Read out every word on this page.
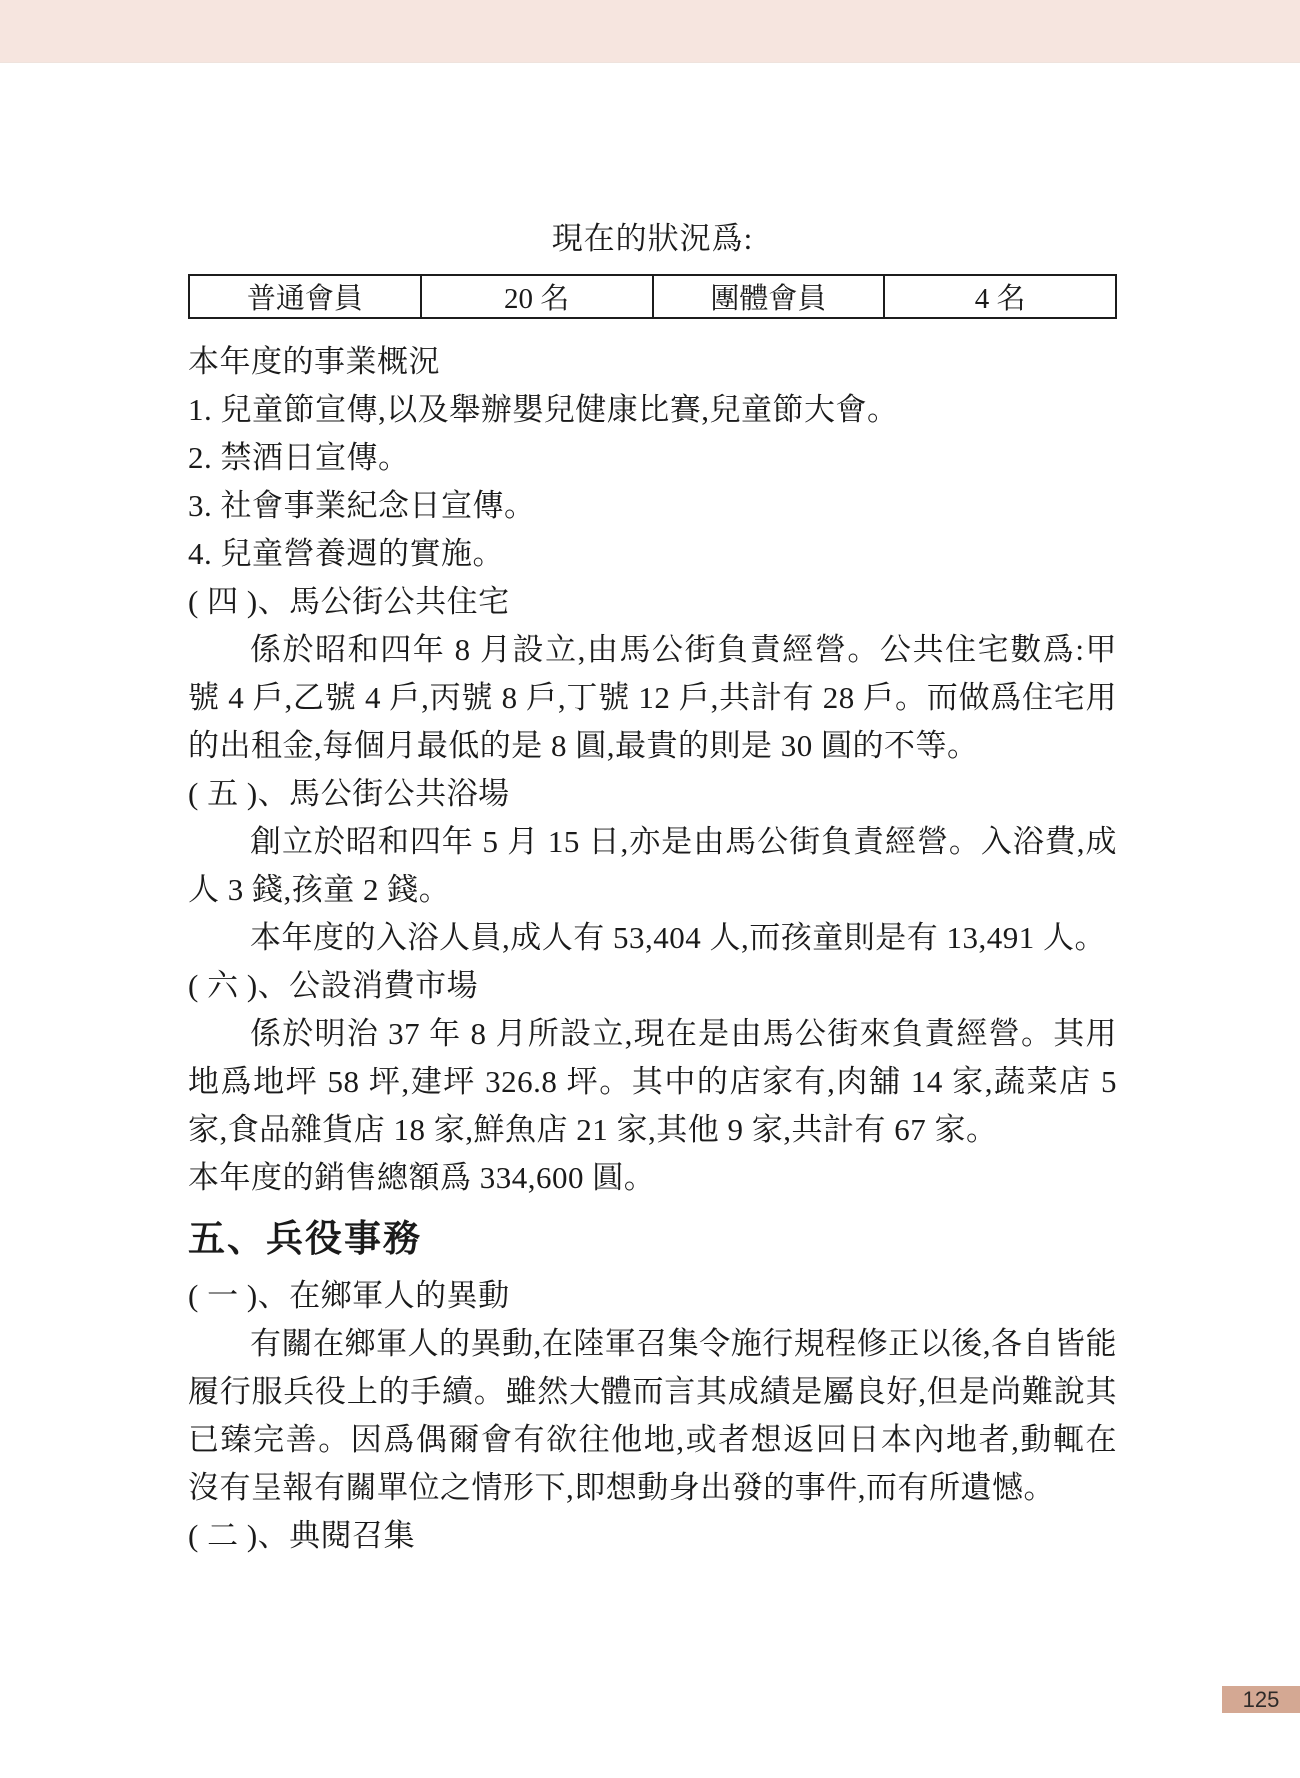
現在的狀況爲:
普通會員	20 名	團體會員	4 名

本年度的事業概況

1. 兒童節宣傳,以及舉辦嬰兒健康比賽,兒童節大會。

2. 禁酒日宣傳。

3. 社會事業紀念日宣傳。

4. 兒童營養週的實施。

( 四 )、馬公街公共住宅

係於昭和四年 8 月設立,由馬公街負責經營。公共住宅數爲:甲號 4 戶,乙號 4 戶,丙號 8 戶,丁號 12 戶,共計有 28 戶。而做爲住宅用的出租金,每個月最低的是 8 圓,最貴的則是 30 圓的不等。

( 五 )、馬公街公共浴場

創立於昭和四年 5 月 15 日,亦是由馬公街負責經營。入浴費,成人 3 錢,孩童 2 錢。

本年度的入浴人員,成人有 53,404 人,而孩童則是有 13,491 人。

( 六 )、公設消費市場

係於明治 37 年 8 月所設立,現在是由馬公街來負責經營。其用地爲地坪 58 坪,建坪 326.8 坪。其中的店家有,肉舖 14 家,蔬菜店 5 家,食品雜貨店 18 家,鮮魚店 21 家,其他 9 家,共計有 67 家。

本年度的銷售總額爲 334,600 圓。

五、兵役事務

( 一 )、在鄉軍人的異動

有關在鄉軍人的異動,在陸軍召集令施行規程修正以後,各自皆能履行服兵役上的手續。雖然大體而言其成績是屬良好,但是尚難說其已臻完善。因爲偶爾會有欲往他地,或者想返回日本內地者,動輒在沒有呈報有關單位之情形下,即想動身出發的事件,而有所遺憾。

( 二 )、典閱召集

125
